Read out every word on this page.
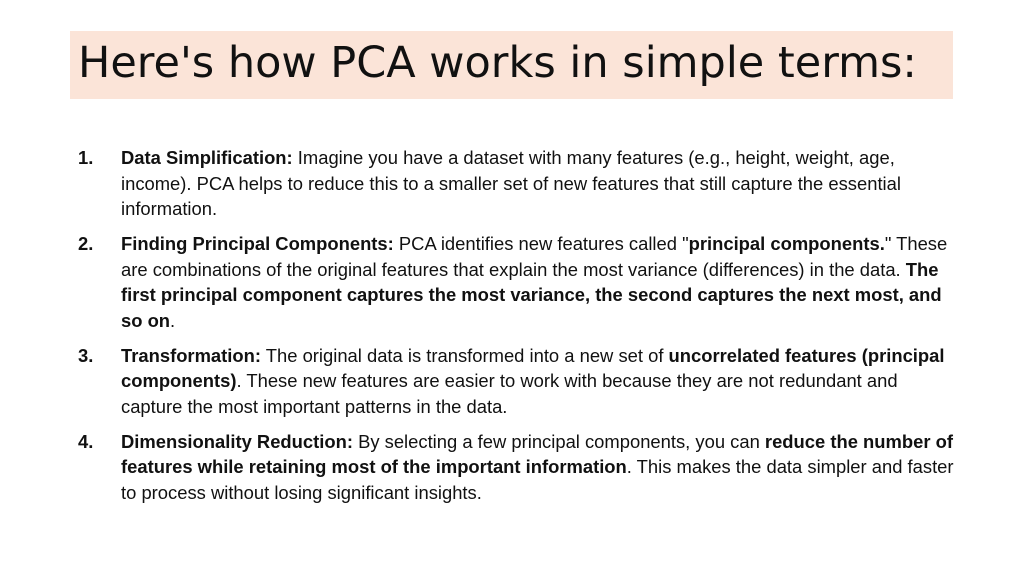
Here's how PCA works in simple terms:
1. Data Simplification: Imagine you have a dataset with many features (e.g., height, weight, age, income). PCA helps to reduce this to a smaller set of new features that still capture the essential information.
2. Finding Principal Components: PCA identifies new features called "principal components." These are combinations of the original features that explain the most variance (differences) in the data. The first principal component captures the most variance, the second captures the next most, and so on.
3. Transformation: The original data is transformed into a new set of uncorrelated features (principal components). These new features are easier to work with because they are not redundant and capture the most important patterns in the data.
4. Dimensionality Reduction: By selecting a few principal components, you can reduce the number of features while retaining most of the important information. This makes the data simpler and faster to process without losing significant insights.
